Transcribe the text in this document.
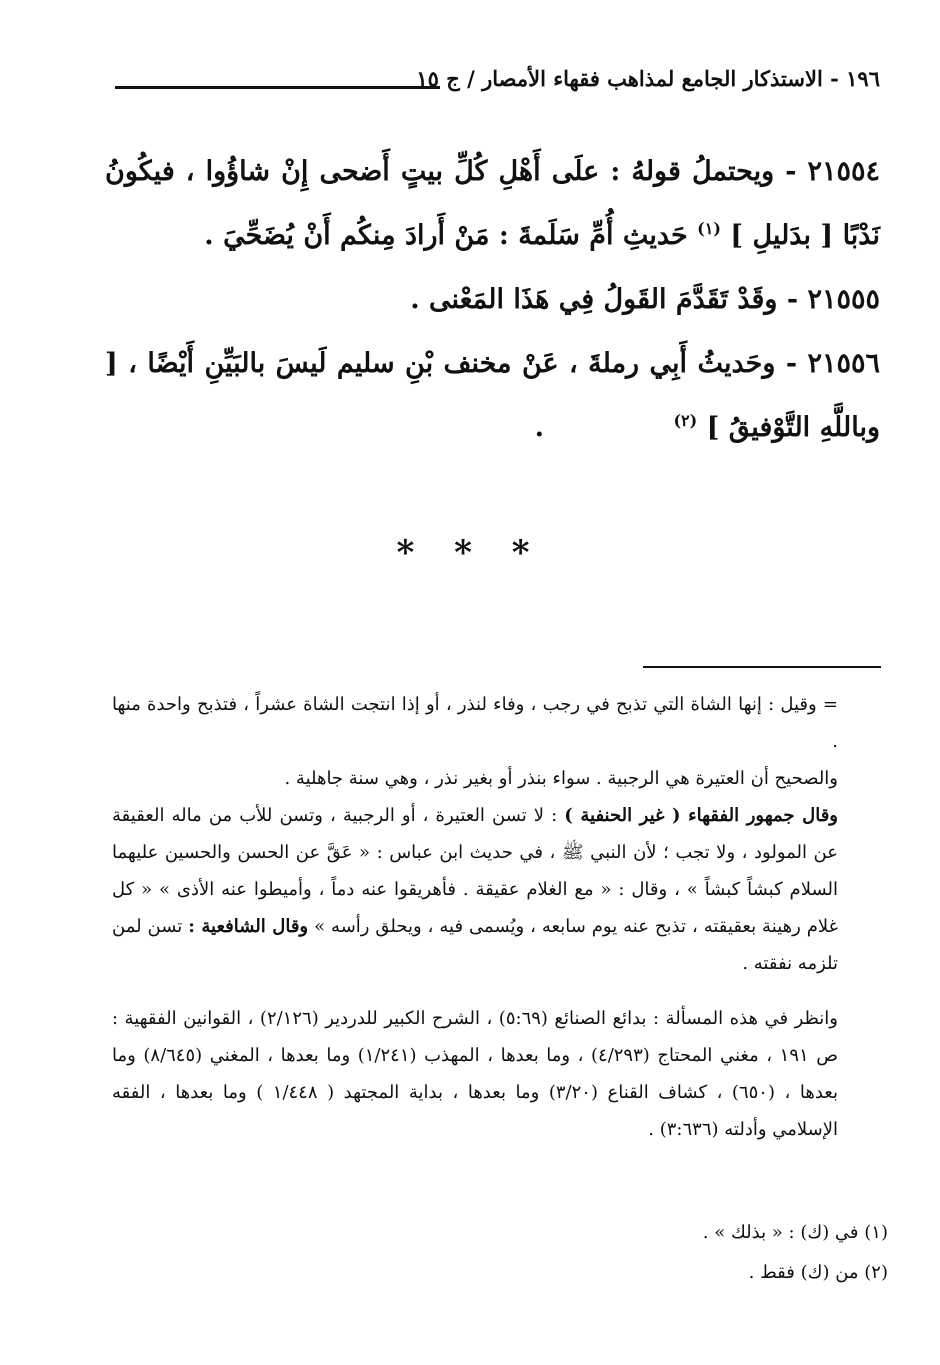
١٩٦ - الاستذكار الجامع لمذاهب فقهاء الأمصار / ج ١٥

٢١٥٥٤ - ويحتملُ قولهُ : علَى أَهْلِ كُلِّ بيتٍ أَضحى إِنْ شاؤُوا ، فيكُونُ نَدْبًا [ بدَليلِ ] $^{(١)}$ حَديثِ أُمِّ سَلَمةَ : مَنْ أَرادَ مِنكُم أَنْ يُضَحِّيَ .

٢١٥٥٥ - وقَدْ تَقَدَّمَ القَولُ فِي هَذَا المَعْنى .

٢١٥٥٦ - وحَديثُ أَبِي رملةَ ، عَنْ مخنف بْنِ سليم لَيسَ بالبَيِّنِ أَيْضًا ، [ وباللَّهِ التَّوْفيقُ ] $^{(٢)}$ .

* * *

= وقيل : إنها الشاة التي تذبح في رجب ، وفاء لنذر ، أو إذا انتجت الشاة عشراً ، فتذبح واحدة منها .

والصحيح أن العتيرة هي الرجبية . سواء بنذر أو بغير نذر ، وهي سنة جاهلية .

وقال جمهور الفقهاء ( غير الحنفية ) : لا تسن العتيرة ، أو الرجبية ، وتسن للأب من ماله العقيقة عن المولود ، ولا تجب ؛ لأن النبي ﷺ ، في حديث ابن عباس : « عَقَّ عن الحسن والحسين عليهما السلام كبشاً كبشاً » ، وقال : « مع الغلام عقيقة . فأهريقوا عنه دماً ، وأميطوا عنه الأذى » « كل غلام رهينة بعقيقته ، تذبح عنه يوم سابعه ، ويُسمى فيه ، ويحلق رأسه » وقال الشافعية : تسن لمن تلزمه نفقته .

وانظر في هذه المسألة : بدائع الصنائع (٥:٦٩) ، الشرح الكبير للدردير (٢/١٢٦) ، القوانين الفقهية : ص ١٩١ ، مغني المحتاج (٤/٢٩٣) ، وما بعدها ، المهذب (١/٢٤١) وما بعدها ، المغني (٨/٦٤٥) وما بعدها ، (٦٥٠) ، كشاف القناع (٣/٢٠) وما بعدها ، بداية المجتهد ( ١/٤٤٨ ) وما بعدها ، الفقه الإسلامي وأدلته (٣:٦٣٦) .

(١) في (ك) : « بذلك » .

(٢) من (ك) فقط .
